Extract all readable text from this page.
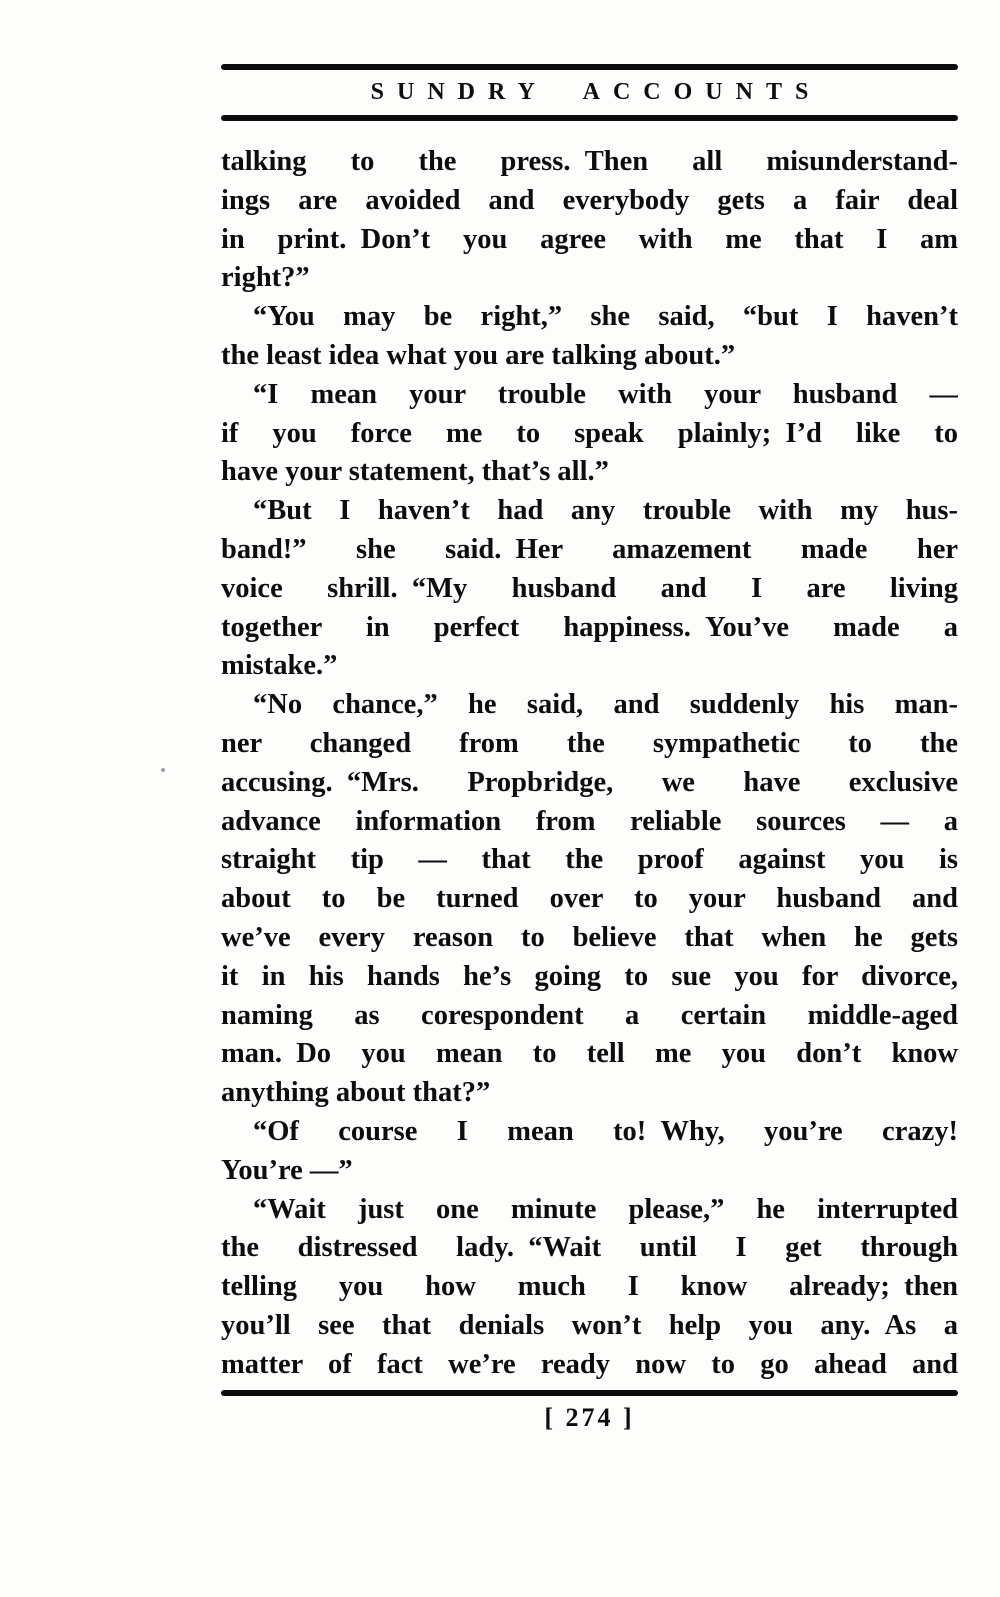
SUNDRY ACCOUNTS
talking to the press. Then all misunderstand-
ings are avoided and everybody gets a fair deal
in print. Don’t you agree with me that I am
right?”
“You may be right,” she said, “but I haven’t
the least idea what you are talking about.”
“I mean your trouble with your husband —
if you force me to speak plainly; I’d like to
have your statement, that’s all.”
“But I haven’t had any trouble with my hus-
band!” she said. Her amazement made her
voice shrill. “My husband and I are living
together in perfect happiness. You’ve made a
mistake.”
“No chance,” he said, and suddenly his man-
ner changed from the sympathetic to the
accusing. “Mrs. Propbridge, we have exclusive
advance information from reliable sources — a
straight tip — that the proof against you is
about to be turned over to your husband and
we’ve every reason to believe that when he gets
it in his hands he’s going to sue you for divorce,
naming as corespondent a certain middle-aged
man. Do you mean to tell me you don’t know
anything about that?”
“Of course I mean to! Why, you’re crazy!
You’re —”
“Wait just one minute please,” he interrupted
the distressed lady. “Wait until I get through
telling you how much I know already; then
you’ll see that denials won’t help you any. As a
matter of fact we’re ready now to go ahead and
[ 274 ]
